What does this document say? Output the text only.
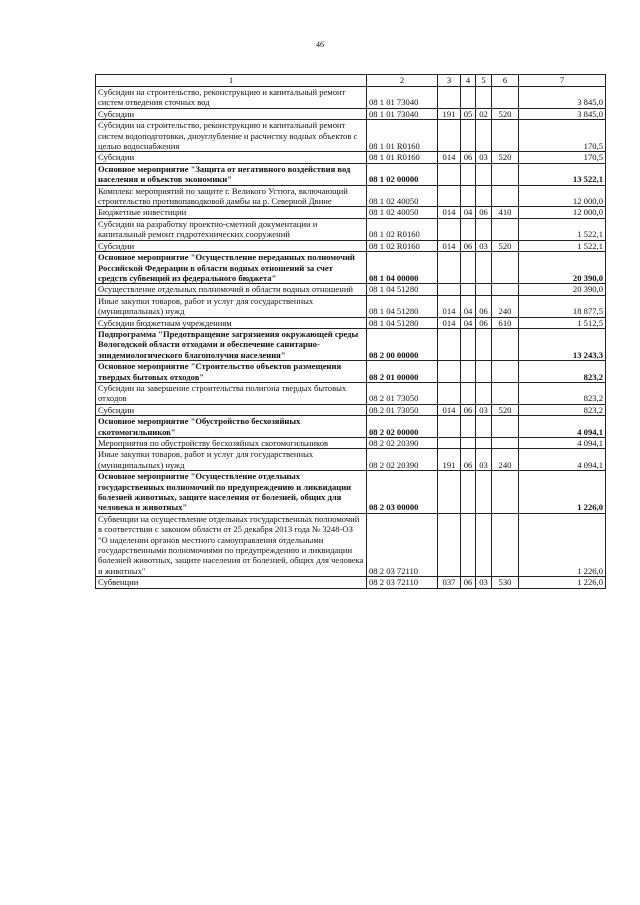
46
1	2	3	4	5	6	7
Субсидии на строительство, реконструкцию и капитальный ремонт систем отведения сточных вод	08 1 01 73040					3 845,0
Субсидии	08 1 01 73040	191	05	02	520	3 845,0
Субсидии на строительство, реконструкцию и капитальный ремонт систем водоподготовки, дноуглубление и расчистку водных объектов с целью водоснабжения	08 1 01 R0160					170,5
Субсидии	08 1 01 R0160	014	06	03	520	170,5
Основное мероприятие "Защита от негативного воздействия вод населения и объектов экономики"	08 1 02 00000					13 522,1
Комплекс мероприятий по защите г. Великого Устюга, включающий строительство противопаводковой дамбы на р. Северной Двине	08 1 02 40050					12 000,0
Бюджетные инвестиции	08 1 02 40050	014	04	06	410	12 000,0
Субсидии на разработку проектно-сметной документации и капитальный ремонт гидротехнических сооружений	08 1 02 R0160					1 522,1
Субсидии	08 1 02 R0160	014	06	03	520	1 522,1
Основное мероприятие "Осуществление переданных полномочий Российской Федерации в области водных отношений за счет средств субвенций из федерального бюджета"	08 1 04 00000					20 390,0
Осуществление отдельных полномочий в области водных отношений	08 1 04 51280					20 390,0
Иные закупки товаров, работ и услуг для государственных (муниципальных) нужд	08 1 04 51280	014	04	06	240	18 877,5
Субсидии бюджетным учреждениям	08 1 04 51280	014	04	06	610	1 512,5
Подпрограмма "Предотвращение загрязнения окружающей среды Вологодской области отходами и обеспечение санитарно-эпидемиологического благополучия населения"	08 2 00 00000					13 243,3
Основное мероприятие "Строительство объектов размещения твердых бытовых отходов"	08 2 01 00000					823,2
Субсидии на завершение строительства полигона твердых бытовых отходов	08 2 01 73050					823,2
Субсидии	08 2 01 73050	014	06	03	520	823,2
Основное мероприятие "Обустройство бесхозяйных скотомогильников"	08 2 02 00000					4 094,1
Мероприятия по обустройству бесхозяйных скотомогильников	08 2 02 20390					4 094,1
Иные закупки товаров, работ и услуг для государственных (муниципальных) нужд	08 2 02 20390	191	06	03	240	4 094,1
Основное мероприятие "Осуществление отдельных государственных полномочий по предупреждению и ликвидации болезней животных, защите населения от болезней, общих для человека и животных"	08 2 03 00000					1 226,0
Субвенции на осуществление отдельных государственных полномочий в соответствии с законом области от 25 декабря 2013 года № 3248-ОЗ "О наделении органов местного самоуправления отдельными государственными полномочиями по предупреждению и ликвидации болезней животных, защите населения от болезней, общих для человека и животных"	08 2 03 72110					1 226,0
Субвенции	08 2 03 72110	037	06	03	530	1 226,0
